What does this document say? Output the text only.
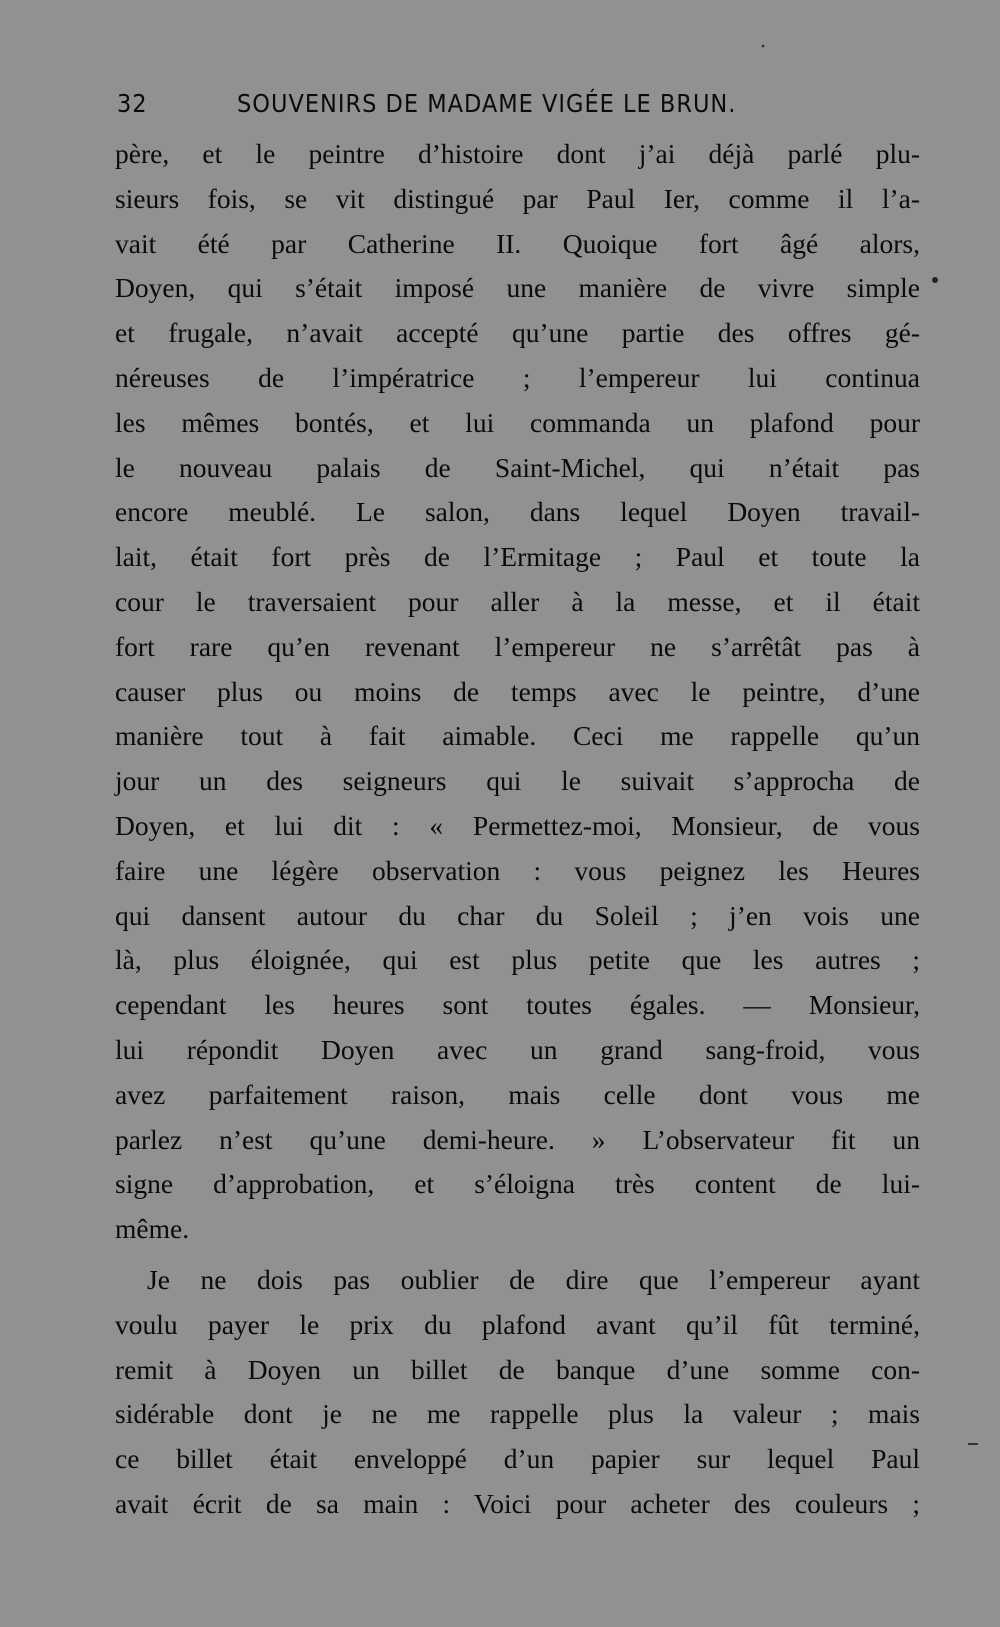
32	SOUVENIRS DE MADAME VIGÉE LE BRUN.
père, et le peintre d’histoire dont j’ai déjà parlé plu-
sieurs fois, se vit distingué par Paul Ier, comme il l’a-
vait été par Catherine II. Quoique fort âgé alors,
Doyen, qui s’était imposé une manière de vivre simple
et frugale, n’avait accepté qu’une partie des offres gé-
néreuses de l’impératrice ; l’empereur lui continua
les mêmes bontés, et lui commanda un plafond pour
le nouveau palais de Saint-Michel, qui n’était pas
encore meublé. Le salon, dans lequel Doyen travail-
lait, était fort près de l’Ermitage ; Paul et toute la
cour le traversaient pour aller à la messe, et il était
fort rare qu’en revenant l’empereur ne s’arrêtât pas à
causer plus ou moins de temps avec le peintre, d’une
manière tout à fait aimable. Ceci me rappelle qu’un
jour un des seigneurs qui le suivait s’approcha de
Doyen, et lui dit : « Permettez-moi, Monsieur, de vous
faire une légère observation : vous peignez les Heures
qui dansent autour du char du Soleil ; j’en vois une
là, plus éloignée, qui est plus petite que les autres ;
cependant les heures sont toutes égales. — Monsieur,
lui répondit Doyen avec un grand sang-froid, vous
avez parfaitement raison, mais celle dont vous me
parlez n’est qu’une demi-heure. » L’observateur fit un
signe d’approbation, et s’éloigna très content de lui-
même.
Je ne dois pas oublier de dire que l’empereur ayant
voulu payer le prix du plafond avant qu’il fût terminé,
remit à Doyen un billet de banque d’une somme con-
sidérable dont je ne me rappelle plus la valeur ; mais
ce billet était enveloppé d’un papier sur lequel Paul
avait écrit de sa main : Voici pour acheter des couleurs ;
